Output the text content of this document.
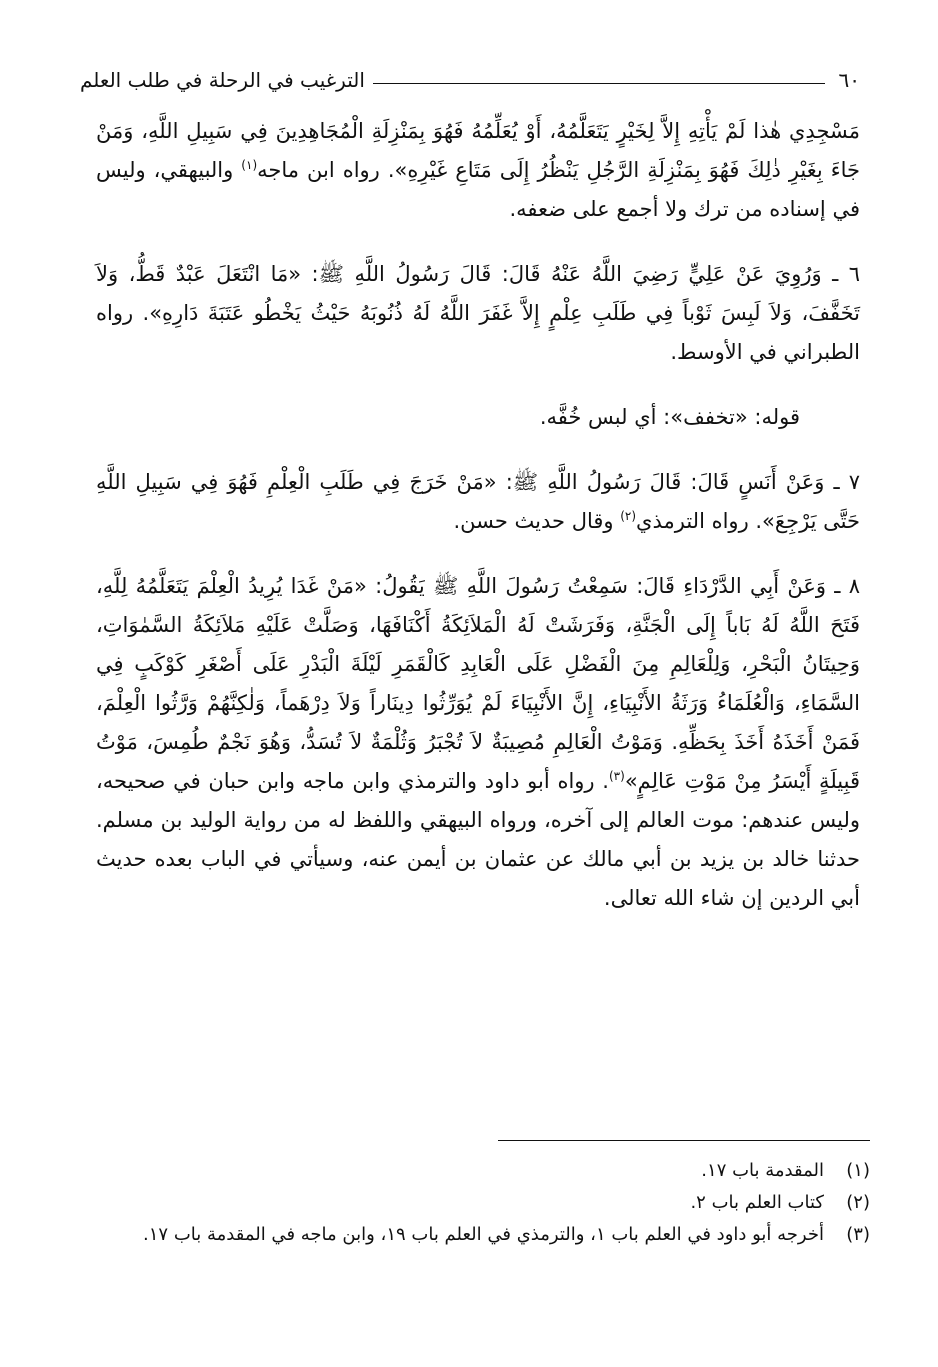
٦٠
الترغيب في الرحلة في طلب العلم

مَسْجِدِي هٰذا لَمْ يَأْتِهِ إِلاَّ لِخَيْرٍ يَتَعَلَّمُهُ، أَوْ يُعَلِّمُهُ فَهُوَ بِمَنْزِلَةِ الْمُجَاهِدِينَ فِي سَبِيلِ اللَّهِ، وَمَنْ جَاءَ بِغَيْرِ ذٰلِكَ فَهُوَ بِمَنْزِلَةِ الرَّجُلِ يَنْظُرُ إِلَى مَتَاعِ غَيْرِهِ». رواه ابن ماجه$^{(١)}$ والبيهقي، وليس في إسناده من ترك ولا أجمع على ضعفه.

٦ ـ وَرُوِيَ عَنْ عَلِيٍّ رَضِيَ اللَّهُ عَنْهُ قَالَ: قَالَ رَسُولُ اللَّهِ ﷺ: «مَا انْتَعَلَ عَبْدٌ قَطُّ، وَلاَ تَخَفَّفَ، وَلاَ لَبِسَ ثَوْباً فِي طَلَبِ عِلْمٍ إِلاَّ غَفَرَ اللَّهُ لَهُ ذُنُوبَهُ حَيْثُ يَخْطُو عَتَبَةَ دَارِهِ». رواه الطبراني في الأوسط.

قوله: «تخفف»: أي لبس خُفَّه.

٧ ـ وَعَنْ أَنَسٍ قَالَ: قَالَ رَسُولُ اللَّهِ ﷺ: «مَنْ خَرَجَ فِي طَلَبِ الْعِلْمِ فَهُوَ فِي سَبِيلِ اللَّهِ حَتَّى يَرْجِعَ». رواه الترمذي$^{(٢)}$ وقال حديث حسن.

٨ ـ وَعَنْ أَبِي الدَّرْدَاءِ قَالَ: سَمِعْتُ رَسُولَ اللَّهِ ﷺ يَقُولُ: «مَنْ غَدَا يُرِيدُ الْعِلْمَ يَتَعَلَّمُهُ لِلَّهِ، فَتَحَ اللَّهُ لَهُ بَاباً إِلَى الْجَنَّةِ، وَفَرَشَتْ لَهُ الْمَلاَئِكَةُ أَكْنَافَهَا، وَصَلَّتْ عَلَيْهِ مَلاَئِكَةُ السَّمٰوَاتِ، وَحِيتَانُ الْبَحْرِ، وَلِلْعَالِمِ مِنَ الْفَضْلِ عَلَى الْعَابِدِ كَالْقَمَرِ لَيْلَةَ الْبَدْرِ عَلَى أَصْغَرِ كَوْكَبٍ فِي السَّمَاءِ، وَالْعُلَمَاءُ وَرَثَةُ الأَنْبِيَاءِ، إِنَّ الأَنْبِيَاءَ لَمْ يُوَرِّثُوا دِينَاراً وَلاَ دِرْهَماً، وَلٰكِنَّهُمْ وَرَّثُوا الْعِلْمَ، فَمَنْ أَخَذَهُ أَخَذَ بِحَظِّهِ. وَمَوْتُ الْعَالِمِ مُصِيبَةٌ لاَ تُجْبَرُ وَثُلْمَةٌ لاَ تُسَدُّ، وَهُوَ نَجْمٌ طُمِسَ، مَوْتُ قَبِيلَةٍ أَيْسَرُ مِنْ مَوْتِ عَالِمٍ»$^{(٣)}$. رواه أبو داود والترمذي وابن ماجه وابن حبان في صحيحه، وليس عندهم: موت العالم إلى آخره، ورواه البيهقي واللفظ له من رواية الوليد بن مسلم. حدثنا خالد بن يزيد بن أبي مالك عن عثمان بن أيمن عنه، وسيأتي في الباب بعده حديث أبي الردين إن شاء الله تعالى.

(١)
المقدمة باب ١٧.
(٢)
كتاب العلم باب ٢.
(٣)
أخرجه أبو داود في العلم باب ١، والترمذي في العلم باب ١٩، وابن ماجه في المقدمة باب ١٧.
